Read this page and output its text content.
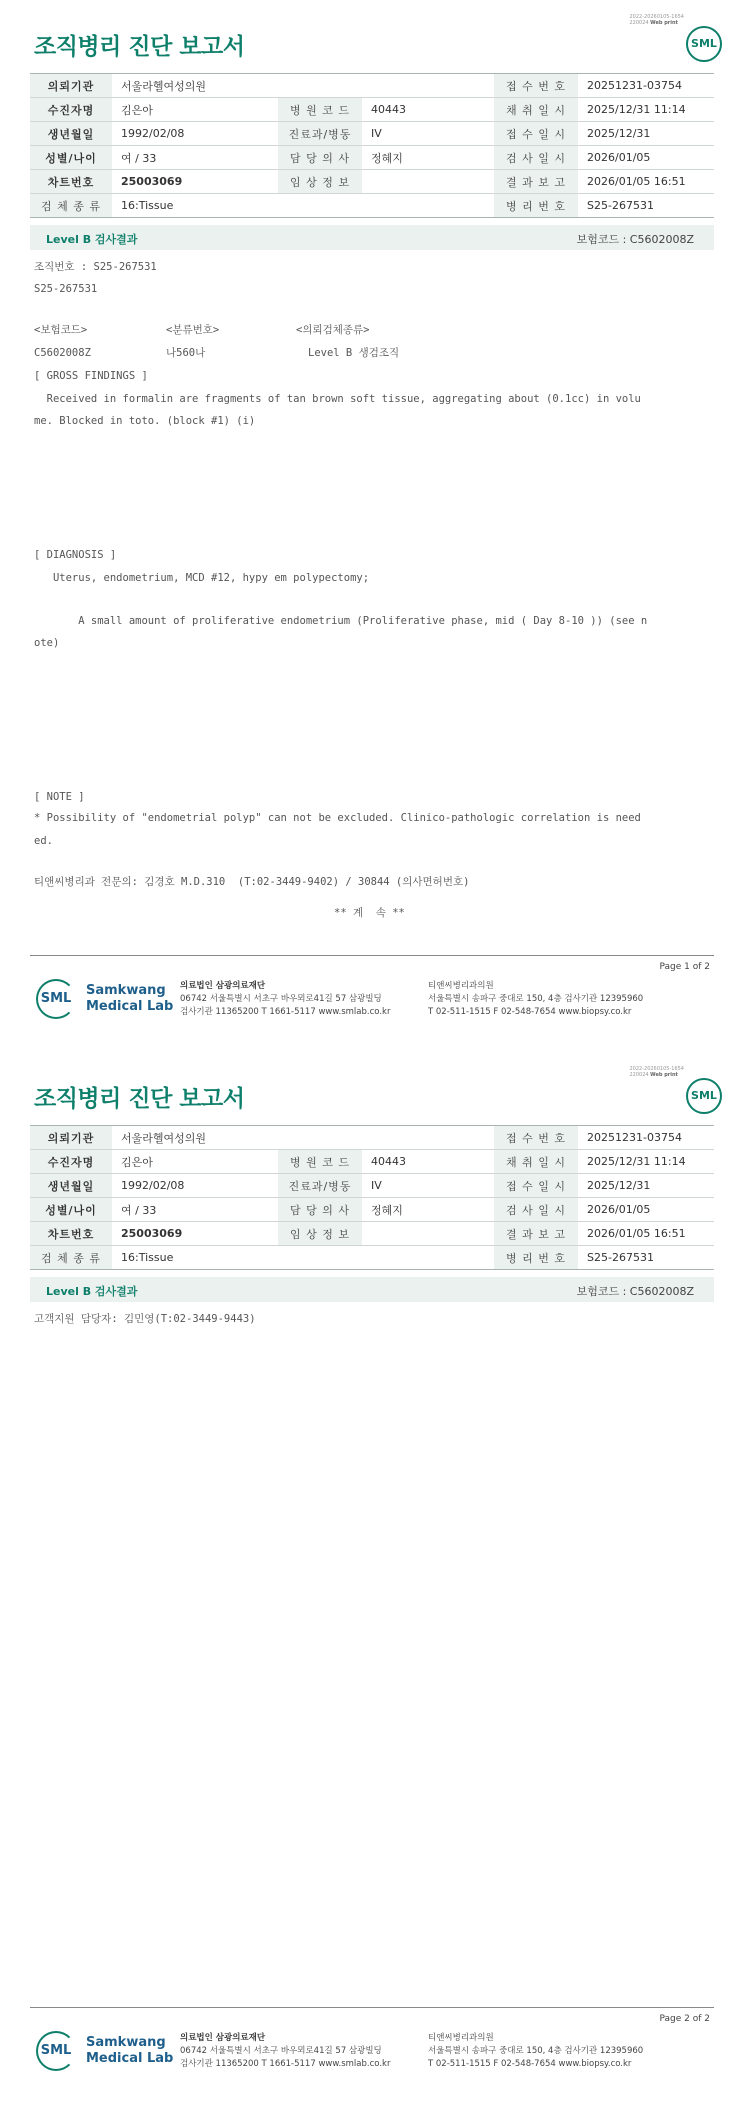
2022-20260105-1654
220024 Web print
조직병리 진단 보고서	SML
의뢰기관	서울라헬여성의원			접 수 번 호	20251231-03754
수진자명	김은아	병 원 코 드	40443	채 취 일 시	2025/12/31 11:14
생년월일	1992/02/08	진료과/병동	IV	접 수 일 시	2025/12/31
성별/나이	여 / 33	담 당 의 사	정혜지	검 사 일 시	2026/01/05
차트번호	25003069	임 상 정 보		결 과 보 고	2026/01/05 16:51
검 체 종 류	16:Tissue			병 리 번 호	S25-267531
Level B 검사결과	보험코드 : C5602008Z
조직번호 : S25-267531
S25-267531
<보험코드>	<분류번호>	<의뢰검체종류>
C5602008Z	나560나	Level B 생검조직
[ GROSS FINDINGS ]
Received in formalin are fragments of tan brown soft tissue, aggregating about (0.1cc) in volu
me. Blocked in toto. (block #1) (i)
[ DIAGNOSIS ]
Uterus, endometrium, MCD #12, hypy em polypectomy;
A small amount of proliferative endometrium (Proliferative phase, mid ( Day 8-10 )) (see n
ote)
[ NOTE ]
* Possibility of "endometrial polyp" can not be excluded. Clinico-pathologic correlation is need
ed.
티앤씨병리과 전문의: 김경호 M.D.310  (T:02-3449-9402) / 30844 (의사면허번호)
** 계  속 **
Page 1 of 2
SML
Samkwang
Medical Lab
의료법인 삼광의료재단
06742 서울특별시 서초구 바우뫼로41길 57 삼광빌딩
검사기관 11365200 T 1661-5117 www.smlab.co.kr
티앤씨병리과의원
서울특별시 송파구 중대로 150, 4층 검사기관 12395960
T 02-511-1515 F 02-548-7654 www.biopsy.co.kr
2022-20260105-1654
220024 Web print
조직병리 진단 보고서	SML
의뢰기관	서울라헬여성의원			접 수 번 호	20251231-03754
수진자명	김은아	병 원 코 드	40443	채 취 일 시	2025/12/31 11:14
생년월일	1992/02/08	진료과/병동	IV	접 수 일 시	2025/12/31
성별/나이	여 / 33	담 당 의 사	정혜지	검 사 일 시	2026/01/05
차트번호	25003069	임 상 정 보		결 과 보 고	2026/01/05 16:51
검 체 종 류	16:Tissue			병 리 번 호	S25-267531
Level B 검사결과	보험코드 : C5602008Z
고객지원 담당자: 김민영(T:02-3449-9443)
Page 2 of 2
SML
Samkwang
Medical Lab
의료법인 삼광의료재단
06742 서울특별시 서초구 바우뫼로41길 57 삼광빌딩
검사기관 11365200 T 1661-5117 www.smlab.co.kr
티앤씨병리과의원
서울특별시 송파구 중대로 150, 4층 검사기관 12395960
T 02-511-1515 F 02-548-7654 www.biopsy.co.kr
